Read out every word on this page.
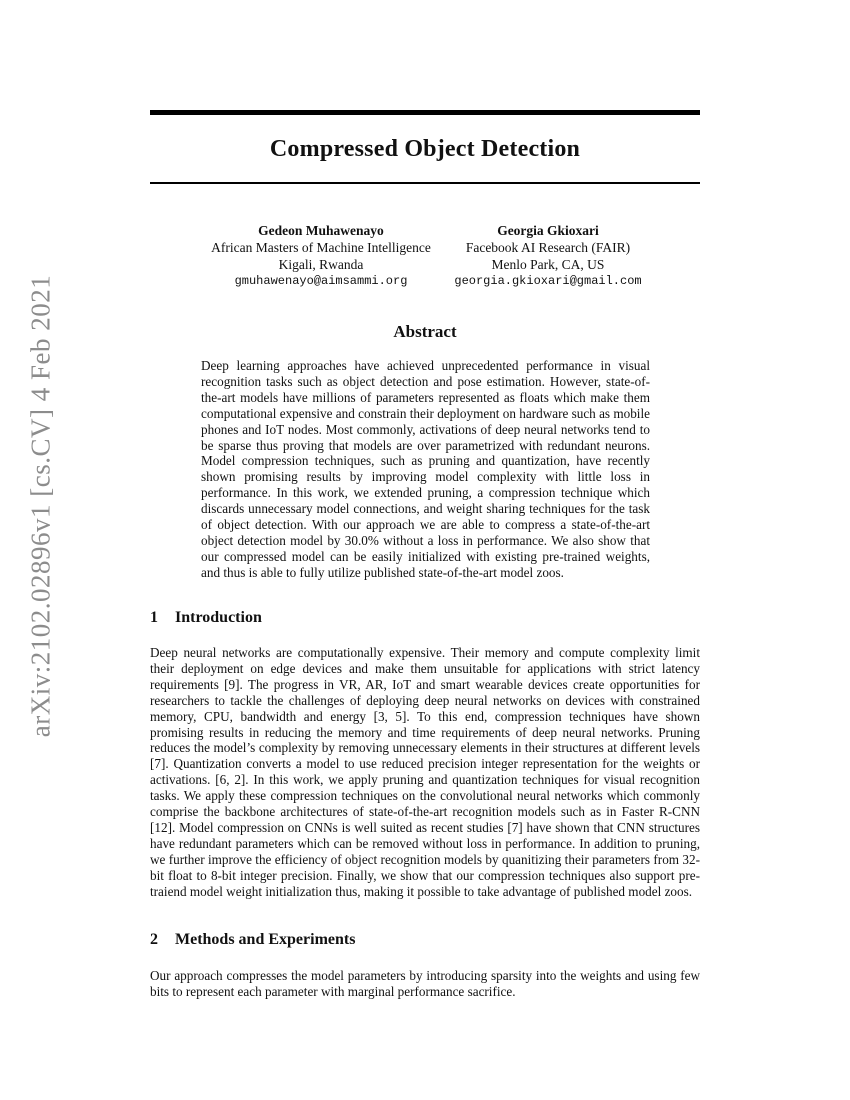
arXiv:2102.02896v1 [cs.CV] 4 Feb 2021
Compressed Object Detection
Gedeon Muhawenayo
African Masters of Machine Intelligence
Kigali, Rwanda
gmuhawenayo@aimsammi.org
Georgia Gkioxari
Facebook AI Research (FAIR)
Menlo Park, CA, US
georgia.gkioxari@gmail.com
Abstract
Deep learning approaches have achieved unprecedented performance in visual recognition tasks such as object detection and pose estimation. However, state-of-the-art models have millions of parameters represented as floats which make them computational expensive and constrain their deployment on hardware such as mobile phones and IoT nodes. Most commonly, activations of deep neural networks tend to be sparse thus proving that models are over parametrized with redundant neurons. Model compression techniques, such as pruning and quantization, have recently shown promising results by improving model complexity with little loss in performance. In this work, we extended pruning, a compression technique which discards unnecessary model connections, and weight sharing techniques for the task of object detection. With our approach we are able to compress a state-of-the-art object detection model by 30.0% without a loss in performance. We also show that our compressed model can be easily initialized with existing pre-trained weights, and thus is able to fully utilize published state-of-the-art model zoos.
1 Introduction
Deep neural networks are computationally expensive. Their memory and compute complexity limit their deployment on edge devices and make them unsuitable for applications with strict latency requirements [9]. The progress in VR, AR, IoT and smart wearable devices create opportunities for researchers to tackle the challenges of deploying deep neural networks on devices with constrained memory, CPU, bandwidth and energy [3, 5]. To this end, compression techniques have shown promising results in reducing the memory and time requirements of deep neural networks. Pruning reduces the model’s complexity by removing unnecessary elements in their structures at different levels [7]. Quantization converts a model to use reduced precision integer representation for the weights or activations. [6, 2]. In this work, we apply pruning and quantization techniques for visual recognition tasks. We apply these compression techniques on the convolutional neural networks which commonly comprise the backbone architectures of state-of-the-art recognition models such as in Faster R-CNN [12]. Model compression on CNNs is well suited as recent studies [7] have shown that CNN structures have redundant parameters which can be removed without loss in performance. In addition to pruning, we further improve the efficiency of object recognition models by quanitizing their parameters from 32-bit float to 8-bit integer precision. Finally, we show that our compression techniques also support pre-traiend model weight initialization thus, making it possible to take advantage of published model zoos.
2 Methods and Experiments
Our approach compresses the model parameters by introducing sparsity into the weights and using few bits to represent each parameter with marginal performance sacrifice.
